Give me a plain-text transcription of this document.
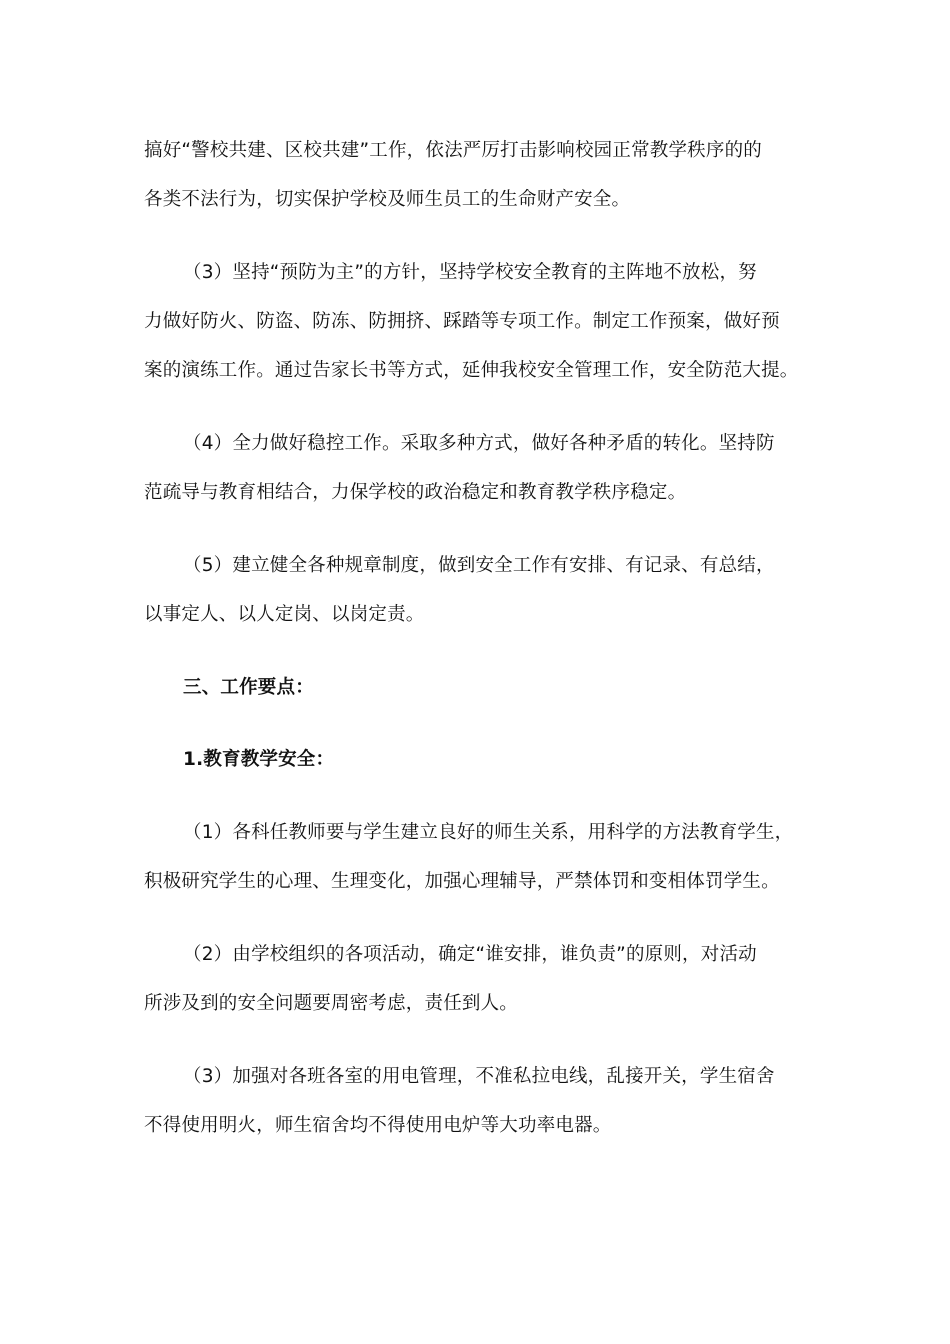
搞好“警校共建、区校共建”工作，依法严厉打击影响校园正常教学秩序的的
各类不法行为，切实保护学校及师生员工的生命财产安全。
（3）坚持“预防为主”的方针，坚持学校安全教育的主阵地不放松，努
力做好防火、防盗、防冻、防拥挤、踩踏等专项工作。制定工作预案，做好预
案的演练工作。通过告家长书等方式，延伸我校安全管理工作，安全防范大提。
（4）全力做好稳控工作。采取多种方式，做好各种矛盾的转化。坚持防
范疏导与教育相结合，力保学校的政治稳定和教育教学秩序稳定。
（5）建立健全各种规章制度，做到安全工作有安排、有记录、有总结，
以事定人、以人定岗、以岗定责。
三、工作要点：
1.教育教学安全：
（1）各科任教师要与学生建立良好的师生关系，用科学的方法教育学生，
积极研究学生的心理、生理变化，加强心理辅导，严禁体罚和变相体罚学生。
（2）由学校组织的各项活动，确定“谁安排，谁负责”的原则，对活动
所涉及到的安全问题要周密考虑，责任到人。
（3）加强对各班各室的用电管理，不准私拉电线，乱接开关，学生宿舍
不得使用明火，师生宿舍均不得使用电炉等大功率电器。
